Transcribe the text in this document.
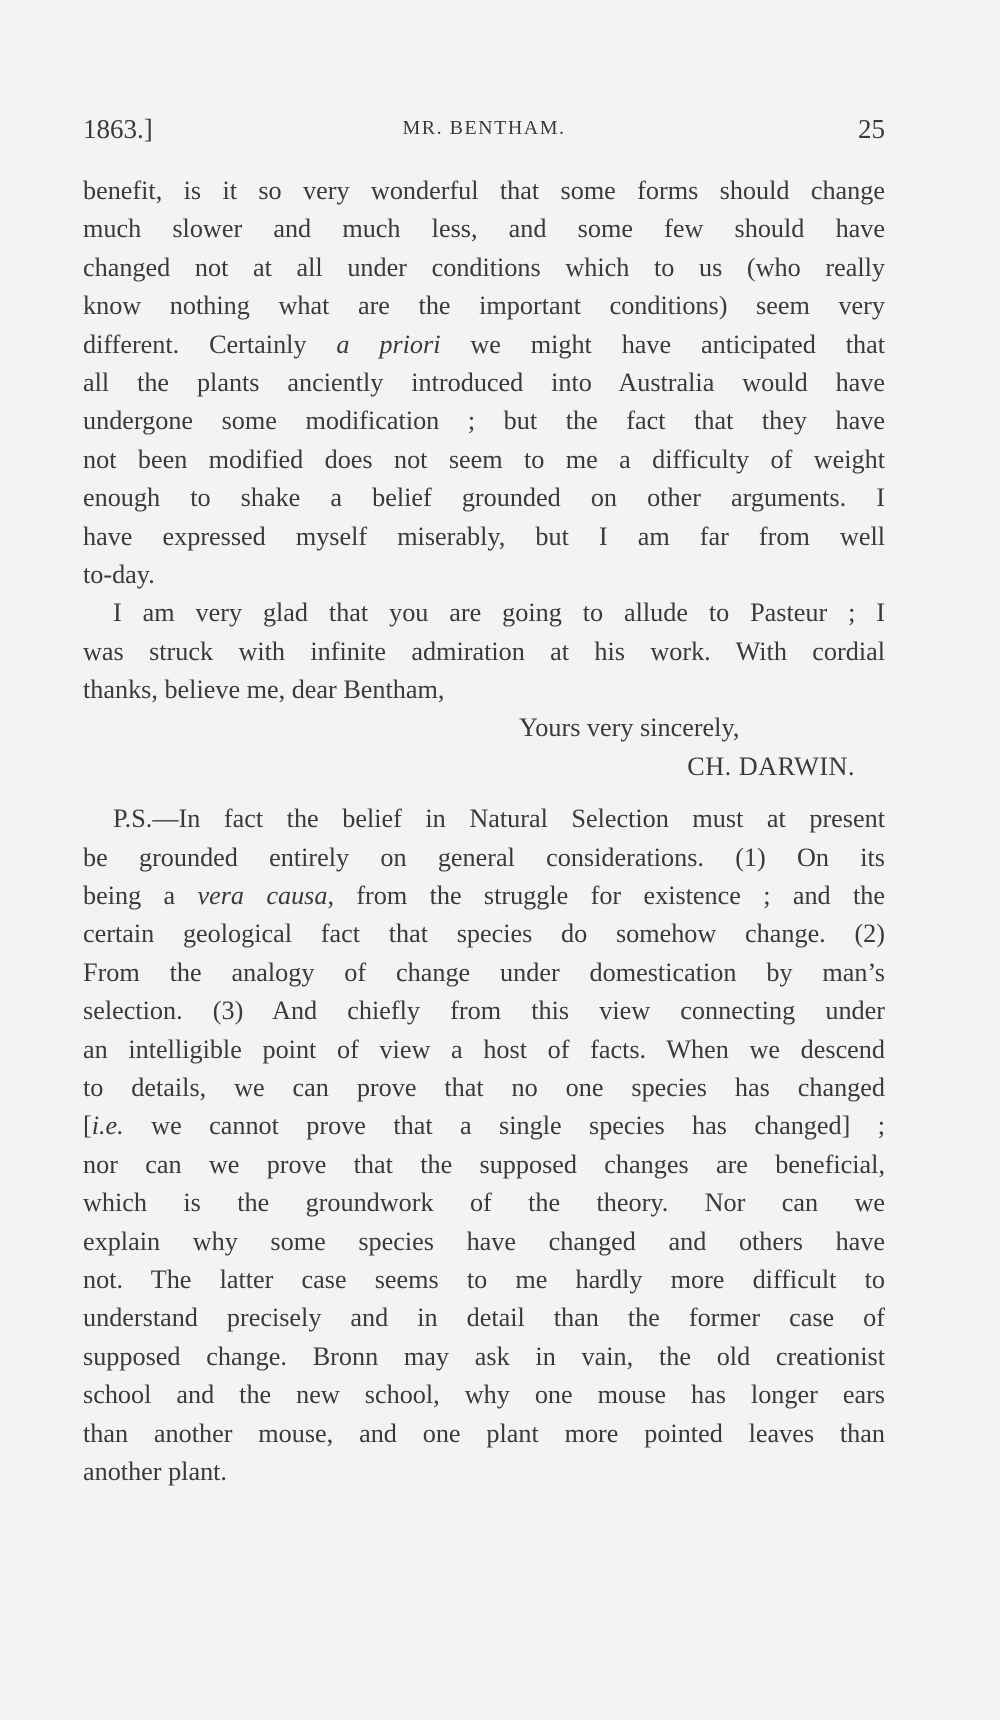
1863.]	MR. BENTHAM.	25
benefit, is it so very wonderful that some forms should change
much slower and much less, and some few should have
changed not at all under conditions which to us (who really
know nothing what are the important conditions) seem very
different. Certainly a priori we might have anticipated that
all the plants anciently introduced into Australia would have
undergone some modification ; but the fact that they have
not been modified does not seem to me a difficulty of weight
enough to shake a belief grounded on other arguments. I
have expressed myself miserably, but I am far from well
to-day.
I am very glad that you are going to allude to Pasteur ; I
was struck with infinite admiration at his work. With cordial
thanks, believe me, dear Bentham,
Yours very sincerely,
CH. DARWIN.
P.S.—In fact the belief in Natural Selection must at present
be grounded entirely on general considerations. (1) On its
being a vera causa, from the struggle for existence ; and the
certain geological fact that species do somehow change. (2)
From the analogy of change under domestication by man’s
selection. (3) And chiefly from this view connecting under
an intelligible point of view a host of facts. When we descend
to details, we can prove that no one species has changed
[i.e. we cannot prove that a single species has changed] ;
nor can we prove that the supposed changes are beneficial,
which is the groundwork of the theory. Nor can we
explain why some species have changed and others have
not. The latter case seems to me hardly more difficult to
understand precisely and in detail than the former case of
supposed change. Bronn may ask in vain, the old creationist
school and the new school, why one mouse has longer ears
than another mouse, and one plant more pointed leaves than
another plant.
